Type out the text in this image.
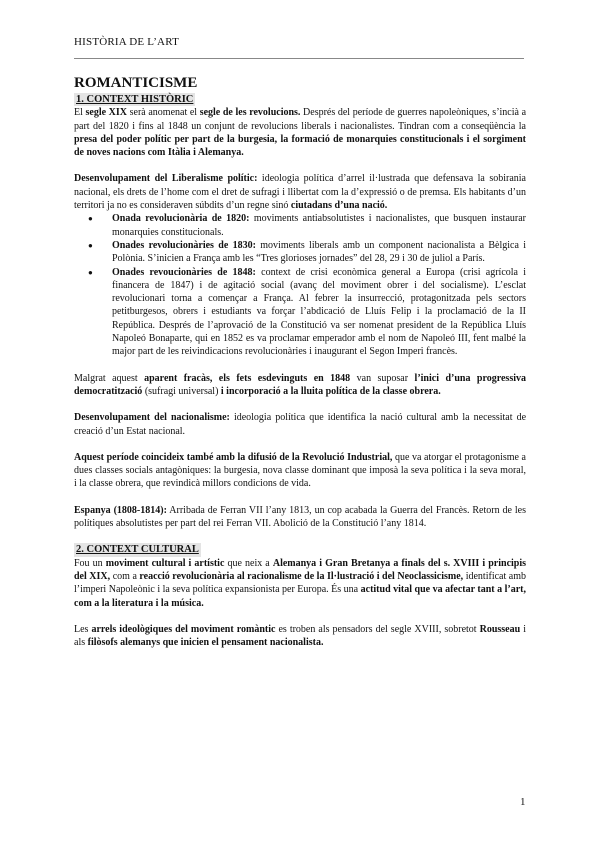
HISTÒRIA DE L’ART
ROMANTICISME
1. CONTEXT HISTÒRIC

El segle XIX serà anomenat el segle de les revolucions. Després del període de guerres napoleòniques, s’incià a part del 1820 i fins al 1848 un conjunt de revolucions liberals i nacionalistes. Tindran com a conseqüència la presa del poder polític per part de la burgesia, la formació de monarquies constitucionals i el sorgiment de noves nacions com Itàlia i Alemanya.

Desenvolupament del Liberalisme polític: ideologia política d’arrel il·lustrada que defensava la sobirania nacional, els drets de l’home com el dret de sufragi i llibertat com la d’expressió o de premsa. Els habitants d’un territori ja no es consideraven súbdits d’un regne sinó ciutadans d’una nació.

● Onada revolucionària de 1820: moviments antiabsolutistes i nacionalistes, que busquen instaurar monarquies constitucionals.
● Onades revolucionàries de 1830: moviments liberals amb un component nacionalista a Bèlgica i Polònia. S’inicien a França amb les “Tres glorioses jornades” del 28, 29 i 30 de juliol a París.
● Onades revoucionàries de 1848: context de crisi econòmica general a Europa (crisi agrícola i financera de 1847) i de agitació social (avanç del moviment obrer i del socialisme). L’esclat revolucionari torna a començar a França. Al febrer la insurrecció, protagonitzada pels sectors petitburgesos, obrers i estudiants va forçar l’abdicació de Lluís Felip i la proclamació de la II República. Després de l’aprovació de la Constitució va ser nomenat president de la República Lluís Napoleó Bonaparte, qui en 1852 es va proclamar emperador amb el nom de Napoleó III, fent malbé la major part de les reivindicacions revolucionàries i inaugurant el Segon Imperi francès.

Malgrat aquest aparent fracàs, els fets esdevinguts en 1848 van suposar l’inici d’una progressiva democratització (sufragi universal) i incorporació a la lluita política de la classe obrera.

Desenvolupament del nacionalisme: ideologia política que identifica la nació cultural amb la necessitat de creació d’un Estat nacional.

Aquest període coincideix també amb la difusió de la Revolució Industrial, que va atorgar el protagonisme a dues classes socials antagòniques: la burgesia, nova classe dominant que imposà la seva política i la seva moral, i la classe obrera, que revindicà millors condicions de vida.

Espanya (1808-1814): Arribada de Ferran VII l’any 1813, un cop acabada la Guerra del Francès. Retorn de les polítiques absolutistes per part del rei Ferran VII. Abolició de la Constitució l’any 1814.

2. CONTEXT CULTURAL

Fou un moviment cultural i artístic que neix a Alemanya i Gran Bretanya a finals del s. XVIII i principis del XIX, com a reacció revolucionària al racionalisme de la Il·lustració i del Neoclassicisme, identificat amb l’imperi Napoleònic i la seva política expansionista per Europa. És una actitud vital que va afectar tant a l’art, com a la literatura i la música.

Les arrels ideològiques del moviment romàntic es troben als pensadors del segle XVIII, sobretot Rousseau i als filòsofs alemanys que inicien el pensament nacionalista.

1
